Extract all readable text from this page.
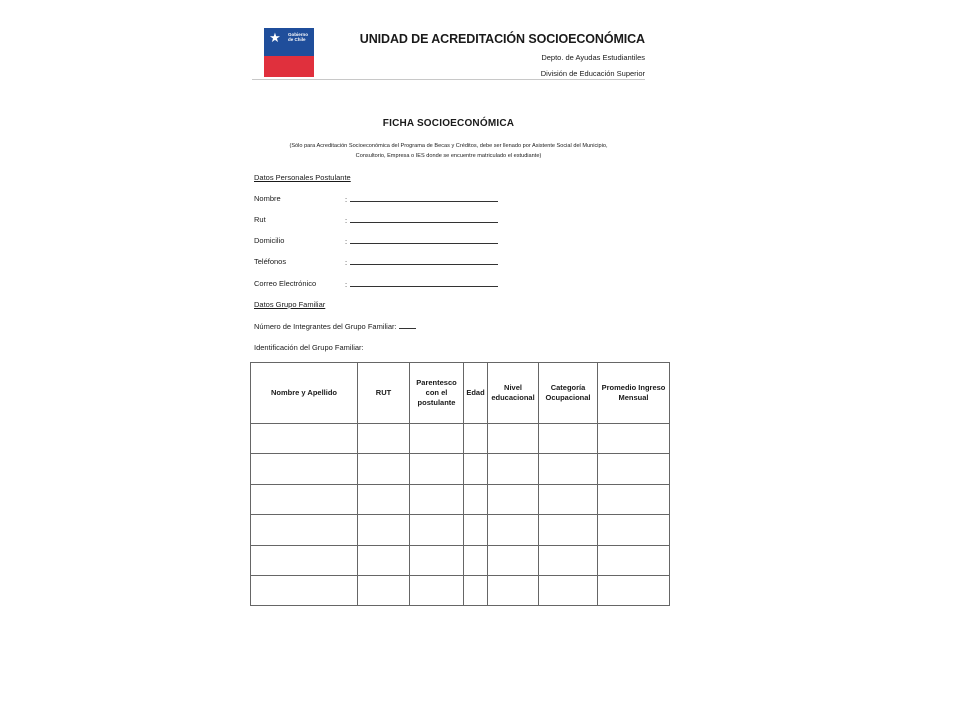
★	Gobierno de Chile	UNIDAD DE ACREDITACIÓN SOCIOECONÓMICA
Depto. de Ayudas Estudiantiles
División de Educación Superior
FICHA SOCIOECONÓMICA
(Sólo para Acreditación Socioeconómica del Programa de Becas y Créditos, debe ser llenado por Asistente Social del Municipio,
Consultorio, Empresa o IES donde se encuentre matriculado el estudiante)
Datos Personales Postulante
Nombre	:
Rut	:
Domicilio	:
Teléfonos	:
Correo Electrónico	:
Datos Grupo Familiar
Número de Integrantes del Grupo Familiar:
Identificación del Grupo Familiar:
Nombre y Apellido	RUT	Parentesco con el postulante	Edad	Nivel educacional	Categoría Ocupacional	Promedio Ingreso Mensual
